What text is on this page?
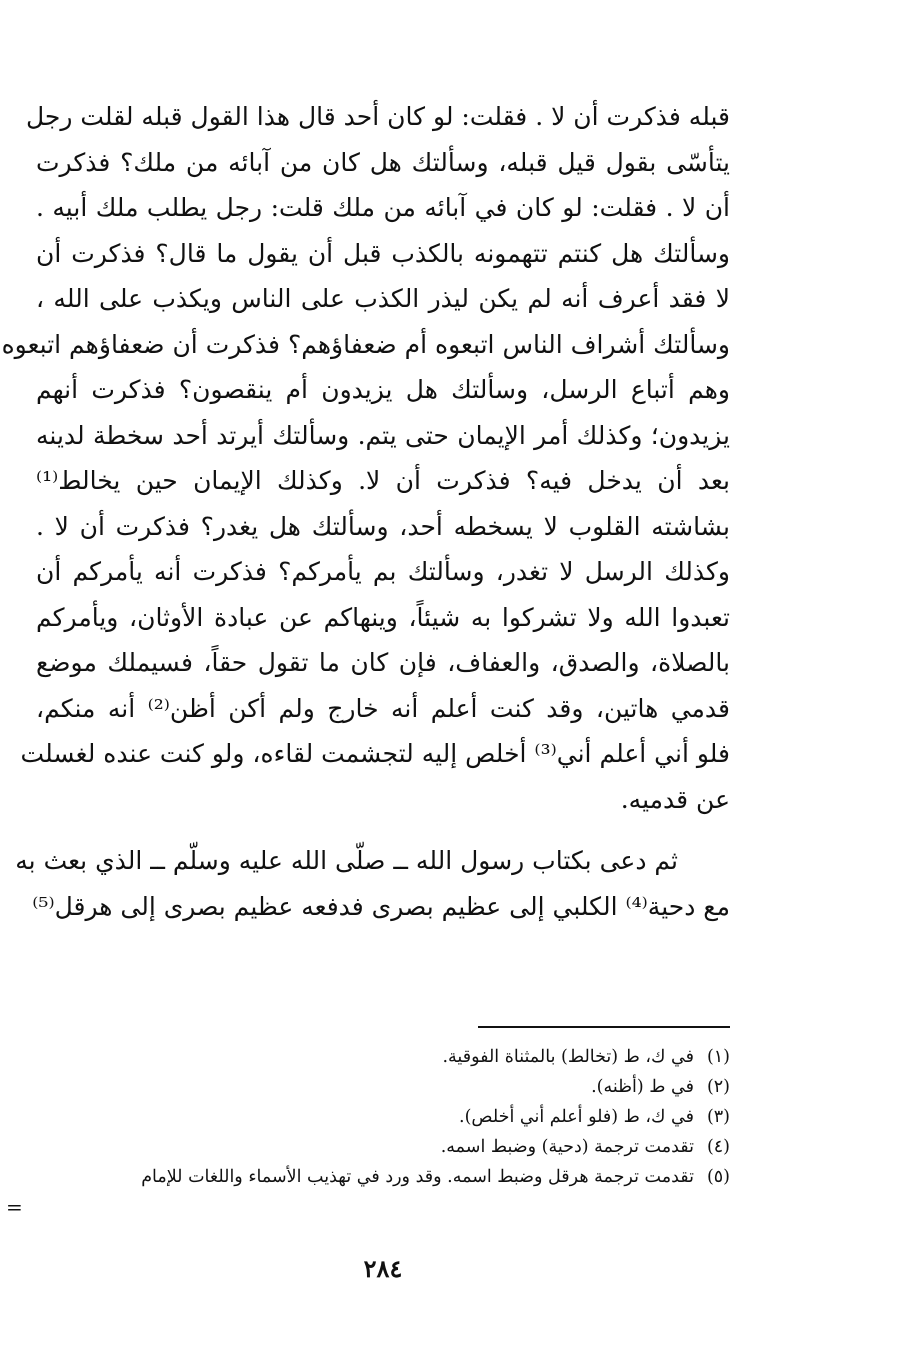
قبله فذكرت أن لا . فقلت: لو كان أحد قال هذا القول قبله لقلت رجل
يتأسّى بقول قيل قبله، وسألتك هل كان من آبائه من ملك؟ فذكرت
أن لا . فقلت: لو كان في آبائه من ملك قلت: رجل يطلب ملك أبيه .
وسألتك هل كنتم تتهمونه بالكذب قبل أن يقول ما قال؟ فذكرت أن
لا فقد أعرف أنه لم يكن ليذر الكذب على الناس ويكذب على الله ،
وسألتك أشراف الناس اتبعوه أم ضعفاؤهم؟ فذكرت أن ضعفاؤهم اتبعوه
وهم أتباع الرسل، وسألتك هل يزيدون أم ينقصون؟ فذكرت أنهم
يزيدون؛ وكذلك أمر الإيمان حتى يتم. وسألتك أيرتد أحد سخطة لدينه
بعد أن يدخل فيه؟ فذكرت أن لا. وكذلك الإيمان حين يخالط⁽¹⁾
بشاشته القلوب لا يسخطه أحد، وسألتك هل يغدر؟ فذكرت أن لا .
وكذلك الرسل لا تغدر، وسألتك بم يأمركم؟ فذكرت أنه يأمركم أن
تعبدوا الله ولا تشركوا به شيئاً، وينهاكم عن عبادة الأوثان، ويأمركم
بالصلاة، والصدق، والعفاف، فإن كان ما تقول حقاً، فسيملك موضع
قدمي هاتين، وقد كنت أعلم أنه خارج ولم أكن أظن⁽²⁾ أنه منكم،
فلو أني أعلم أني⁽³⁾ أخلص إليه لتجشمت لقاءه، ولو كنت عنده لغسلت
عن قدميه.

ثم دعى بكتاب رسول الله ــ صلّى الله عليه وسلّم ــ الذي بعث به
مع دحية⁽⁴⁾ الكلبي إلى عظيم بصرى فدفعه عظيم بصرى إلى هرقل⁽⁵⁾

(١)
في ك، ط (تخالط) بالمثناة الفوقية.
(٢)
في ط (أظنه).
(٣)
في ك، ط (فلو أعلم أني أخلص).
(٤)
تقدمت ترجمة (دحية) وضبط اسمه.
(٥)
تقدمت ترجمة هرقل وضبط اسمه. وقد ورد في تهذيب الأسماء واللغات للإمام
=
٢٨٤
